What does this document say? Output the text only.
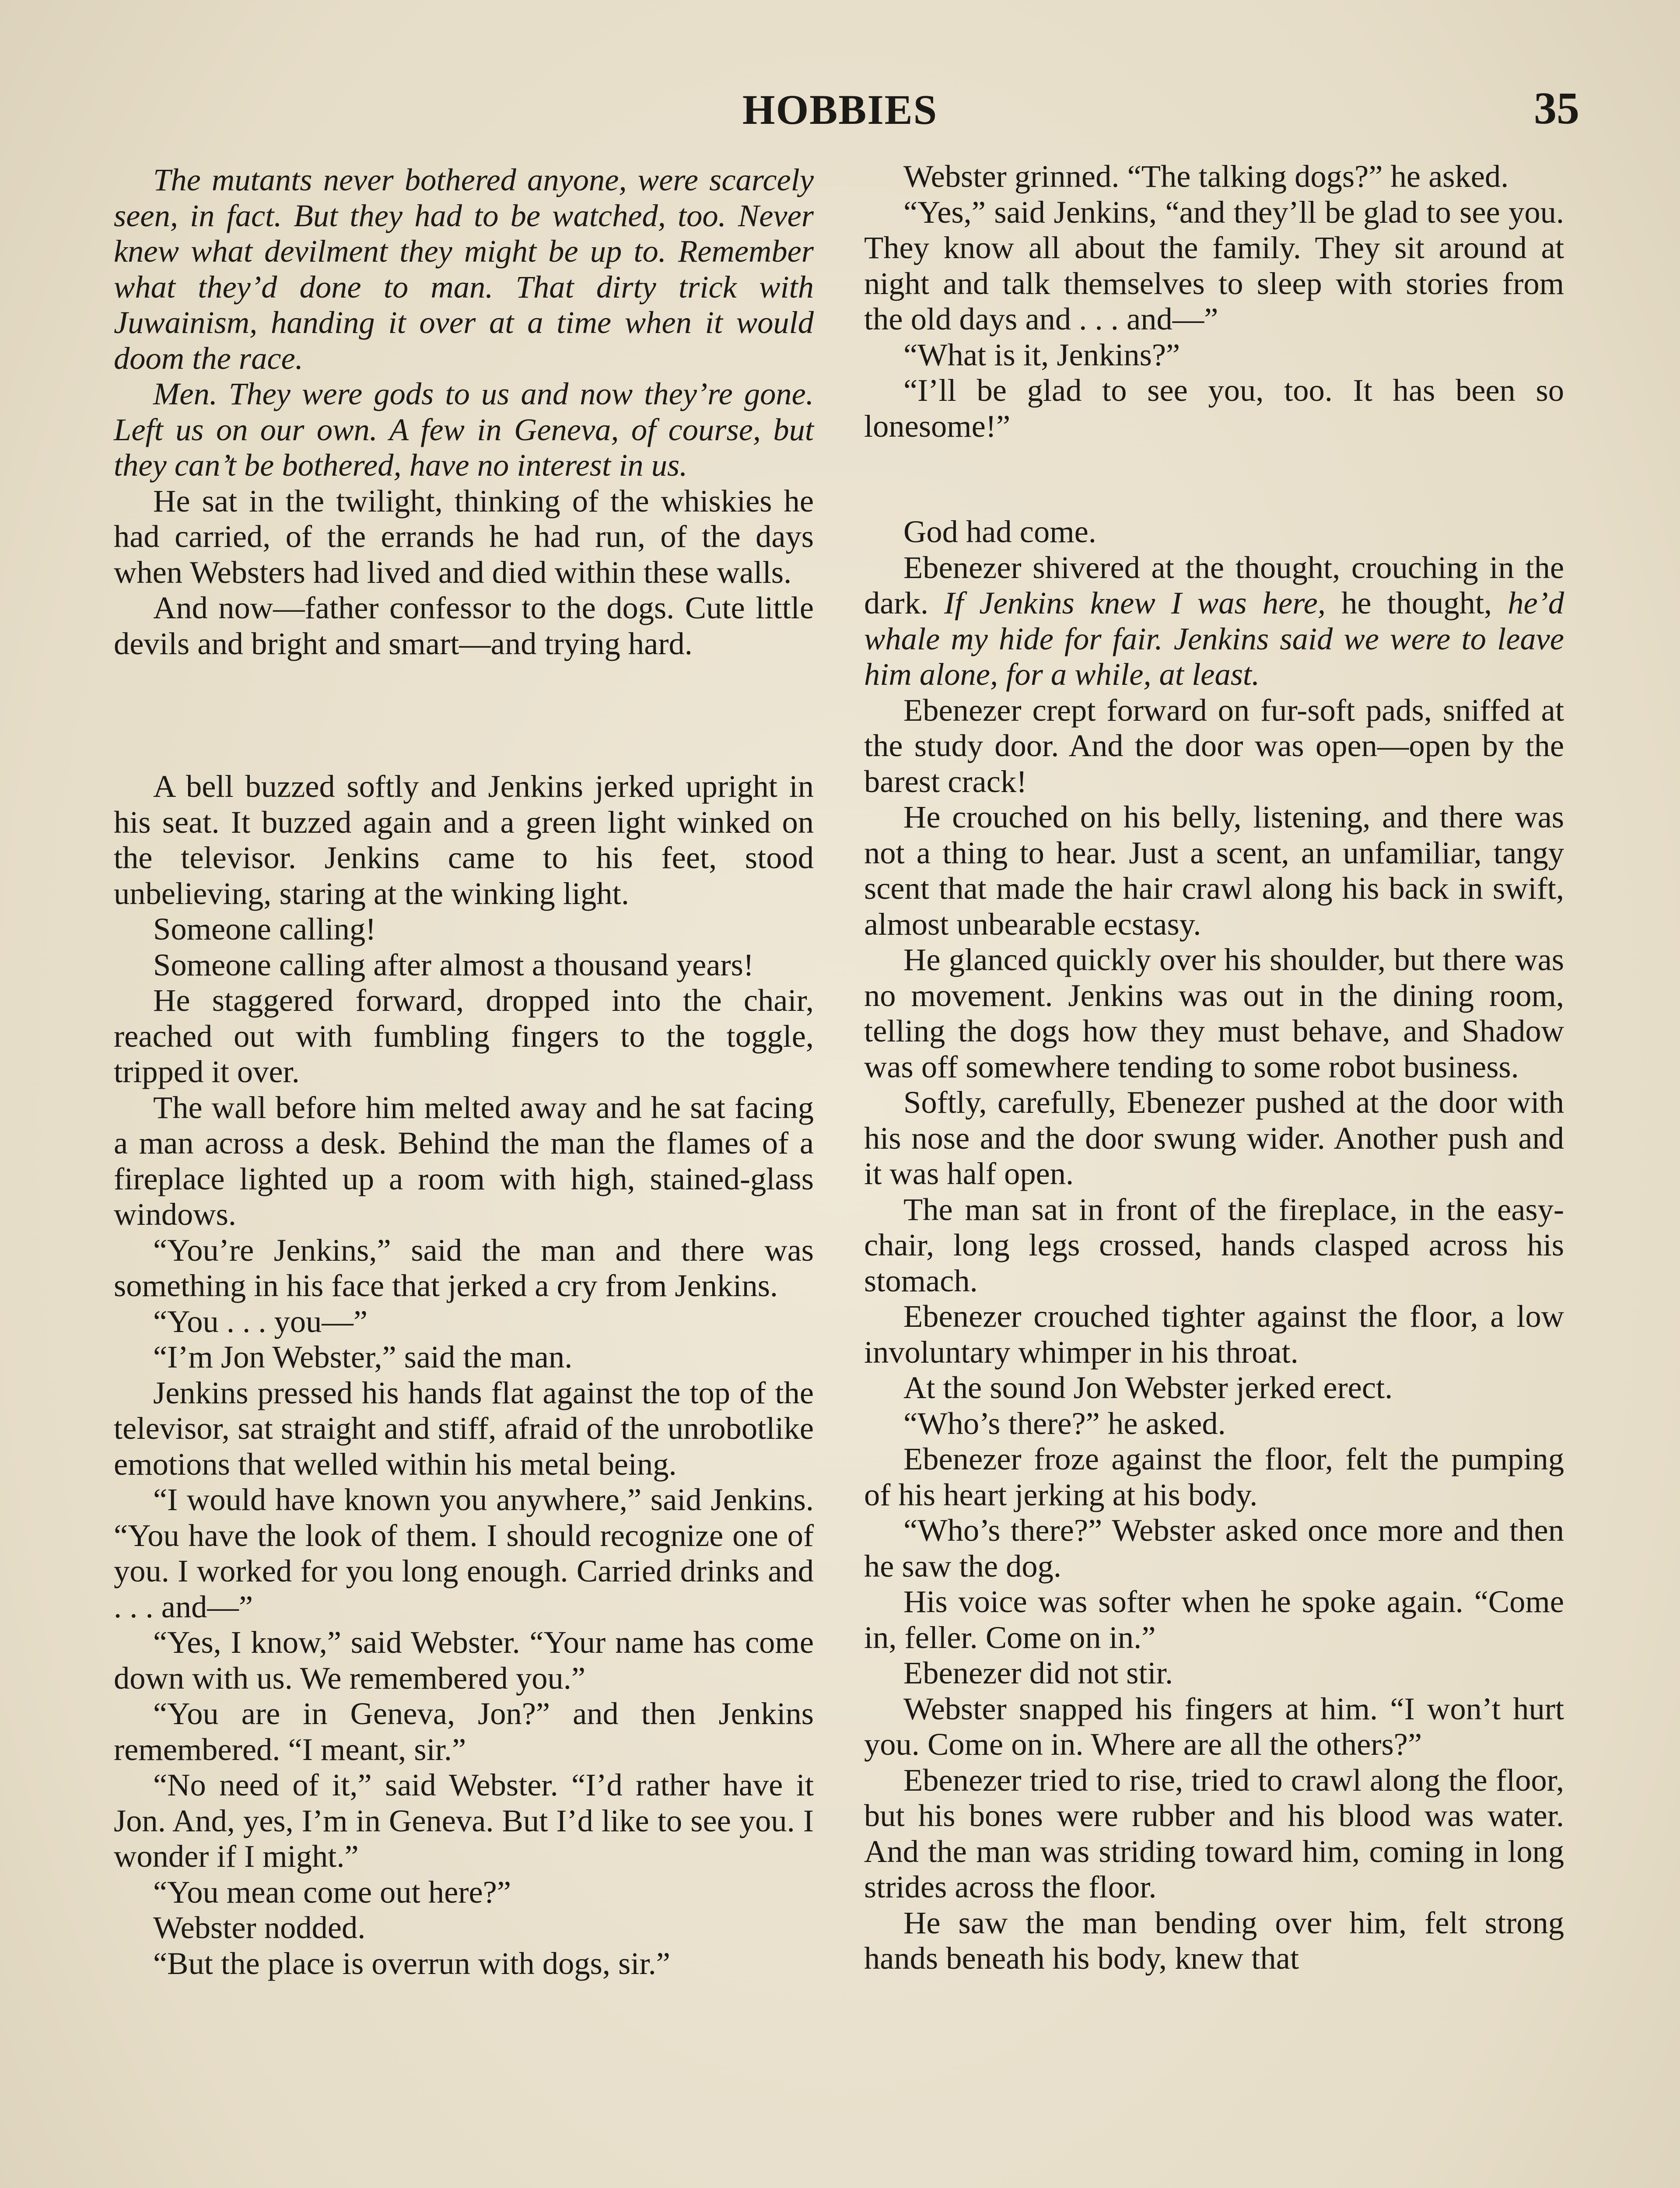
HOBBIES	35

The mutants never bothered anyone, were scarcely seen, in fact. But they had to be watched, too. Never knew what devilment they might be up to. Remember what they’d done to man. That dirty trick with Juwainism, handing it over at a time when it would doom the race.

Men. They were gods to us and now they’re gone. Left us on our own. A few in Geneva, of course, but they can’t be bothered, have no interest in us.

He sat in the twilight, thinking of the whiskies he had carried, of the errands he had run, of the days when Websters had lived and died within these walls.

And now—father confessor to the dogs. Cute little devils and bright and smart—and trying hard.

A bell buzzed softly and Jenkins jerked upright in his seat. It buzzed again and a green light winked on the televisor. Jenkins came to his feet, stood unbelieving, staring at the winking light.

Someone calling!

Someone calling after almost a thousand years!

He staggered forward, dropped into the chair, reached out with fumbling fingers to the toggle, tripped it over.

The wall before him melted away and he sat facing a man across a desk. Behind the man the flames of a fireplace lighted up a room with high, stained-glass windows.

“You’re Jenkins,” said the man and there was something in his face that jerked a cry from Jenkins.

“You . . . you—”

“I’m Jon Webster,” said the man.

Jenkins pressed his hands flat against the top of the televisor, sat straight and stiff, afraid of the unrobotlike emotions that welled within his metal being.

“I would have known you anywhere,” said Jenkins. “You have the look of them. I should recognize one of you. I worked for you long enough. Carried drinks and . . . and—”

“Yes, I know,” said Webster. “Your name has come down with us. We remembered you.”

“You are in Geneva, Jon?” and then Jenkins remembered. “I meant, sir.”

“No need of it,” said Webster. “I’d rather have it Jon. And, yes, I’m in Geneva. But I’d like to see you. I wonder if I might.”

“You mean come out here?”

Webster nodded.

“But the place is overrun with dogs, sir.”

Webster grinned. “The talking dogs?” he asked.

“Yes,” said Jenkins, “and they’ll be glad to see you. They know all about the family. They sit around at night and talk themselves to sleep with stories from the old days and . . . and—”

“What is it, Jenkins?”

“I’ll be glad to see you, too. It has been so lonesome!”

God had come.

Ebenezer shivered at the thought, crouching in the dark. If Jenkins knew I was here, he thought, he’d whale my hide for fair. Jenkins said we were to leave him alone, for a while, at least.

Ebenezer crept forward on fur-soft pads, sniffed at the study door. And the door was open—open by the barest crack!

He crouched on his belly, listening, and there was not a thing to hear. Just a scent, an unfamiliar, tangy scent that made the hair crawl along his back in swift, almost unbearable ecstasy.

He glanced quickly over his shoulder, but there was no movement. Jenkins was out in the dining room, telling the dogs how they must behave, and Shadow was off somewhere tending to some robot business.

Softly, carefully, Ebenezer pushed at the door with his nose and the door swung wider. Another push and it was half open.

The man sat in front of the fireplace, in the easy-chair, long legs crossed, hands clasped across his stomach.

Ebenezer crouched tighter against the floor, a low involuntary whimper in his throat.

At the sound Jon Webster jerked erect.

“Who’s there?” he asked.

Ebenezer froze against the floor, felt the pumping of his heart jerking at his body.

“Who’s there?” Webster asked once more and then he saw the dog.

His voice was softer when he spoke again. “Come in, feller. Come on in.”

Ebenezer did not stir.

Webster snapped his fingers at him. “I won’t hurt you. Come on in. Where are all the others?”

Ebenezer tried to rise, tried to crawl along the floor, but his bones were rubber and his blood was water. And the man was striding toward him, coming in long strides across the floor.

He saw the man bending over him, felt strong hands beneath his body, knew that
